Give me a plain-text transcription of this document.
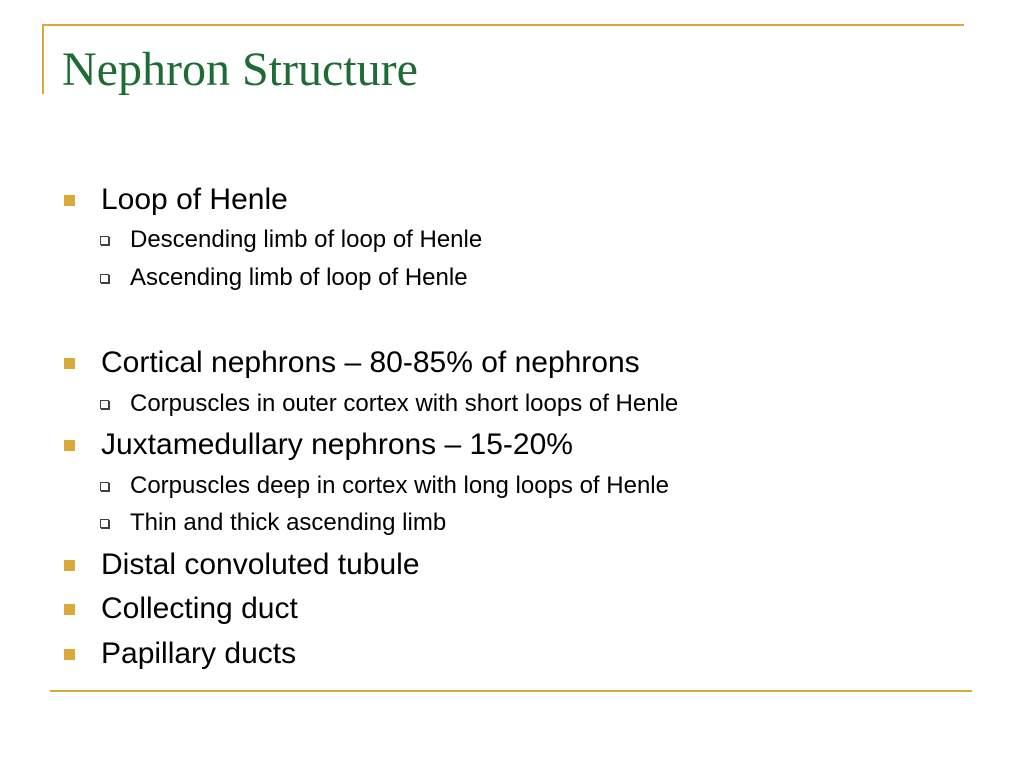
Nephron Structure
Loop of Henle
Descending limb of loop of Henle
Ascending limb of loop of Henle
Cortical nephrons – 80-85% of nephrons
Corpuscles in outer cortex with short loops of Henle
Juxtamedullary nephrons – 15-20%
Corpuscles deep in cortex with long loops of Henle
Thin and thick ascending limb
Distal convoluted tubule
Collecting duct
Papillary ducts
